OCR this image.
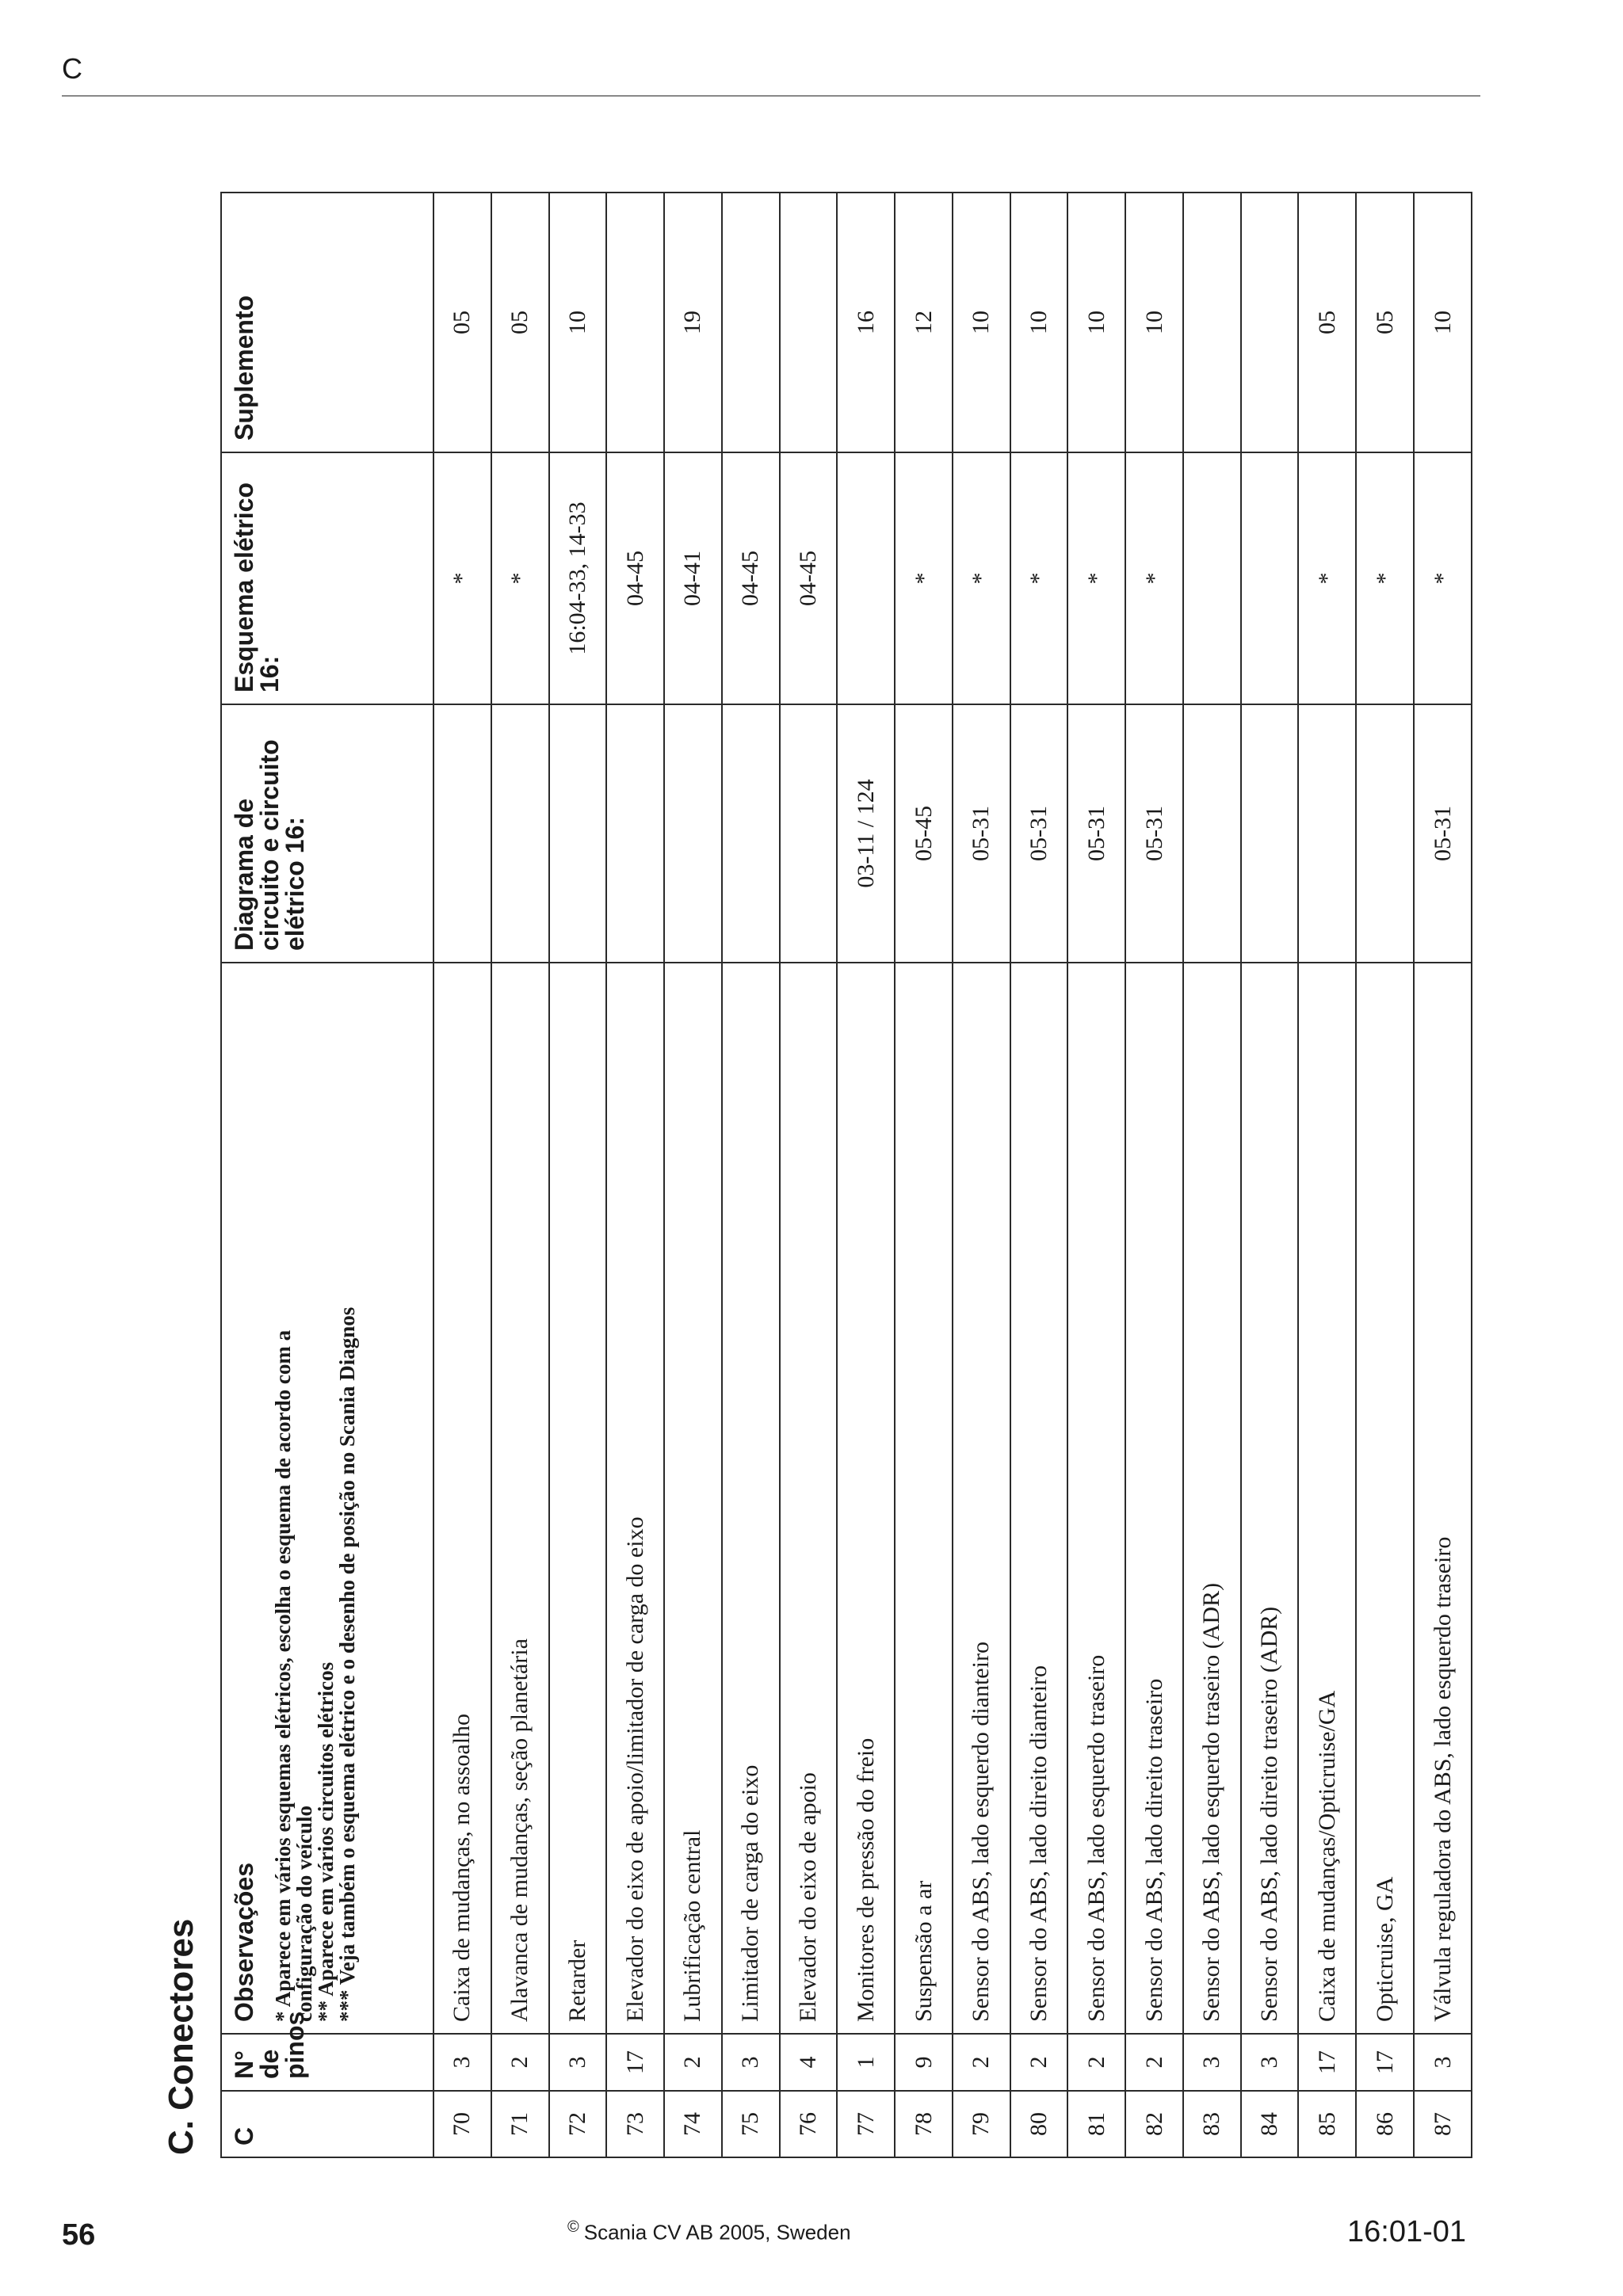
C
C. Conectores C	N° de pinos	Observações * Aparece em vários esquemas elétricos, escolha o esquema de acordo com a
configuração do veículo
** Aparece em vários circuitos elétricos
*** Veja também o esquema elétrico e o desenho de posição no Scania Diagnos	Diagrama de circuito e circuito elétrico 16:	Esquema elétrico 16:	Suplemento
70	3	Caixa de mudanças, no assoalho		*	05
71	2	Alavanca de mudanças, seção planetária		*	05
72	3	Retarder		16:04-33, 14-33	10
73	17	Elevador do eixo de apoio/limitador de carga do eixo		04-45	
74	2	Lubrificação central		04-41	19
75	3	Limitador de carga do eixo		04-45	
76	4	Elevador do eixo de apoio		04-45	
77	1	Monitores de pressão do freio	03-11 / 124		16
78	9	Suspensão a ar	05-45	*	12
79	2	Sensor do ABS, lado esquerdo dianteiro	05-31	*	10
80	2	Sensor do ABS, lado direito dianteiro	05-31	*	10
81	2	Sensor do ABS, lado esquerdo traseiro	05-31	*	10
82	2	Sensor do ABS, lado direito traseiro	05-31	*	10
83	3	Sensor do ABS, lado esquerdo traseiro (ADR)			
84	3	Sensor do ABS, lado direito traseiro (ADR)			
85	17	Caixa de mudanças/Opticruise/GA		*	05
86	17	Opticruise, GA		*	05
87	3	Válvula reguladora do ABS, lado esquerdo traseiro	05-31	*	10
56	© Scania CV AB 2005, Sweden	16:01-01
